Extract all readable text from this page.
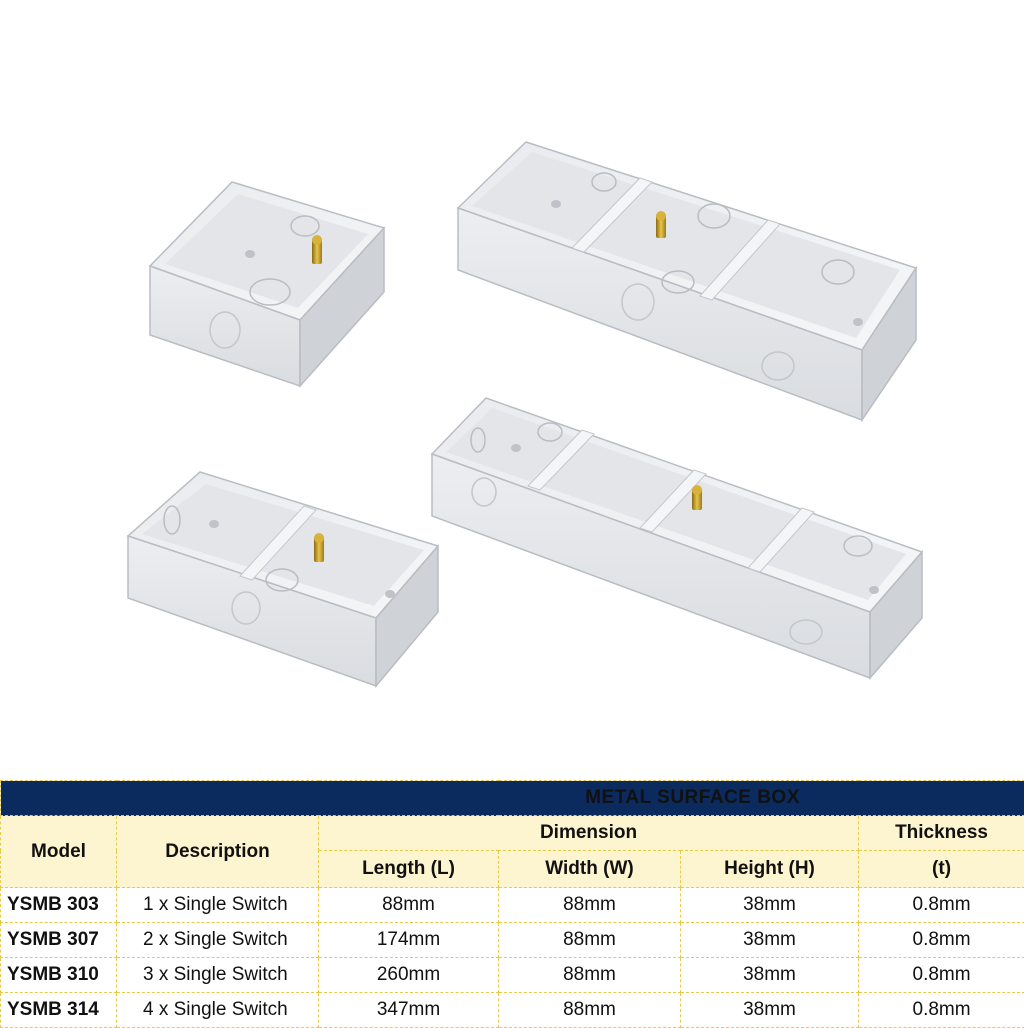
METAL SURFACE BOX					
Model	Description	Dimension			Thickness
		Length (L)	Width (W)	Height (H)	(t)
YSMB 303	1 x Single Switch	88mm	88mm	38mm	0.8mm
YSMB 307	2 x Single Switch	174mm	88mm	38mm	0.8mm
YSMB 310	3 x Single Switch	260mm	88mm	38mm	0.8mm
YSMB 314	4 x Single Switch	347mm	88mm	38mm	0.8mm
